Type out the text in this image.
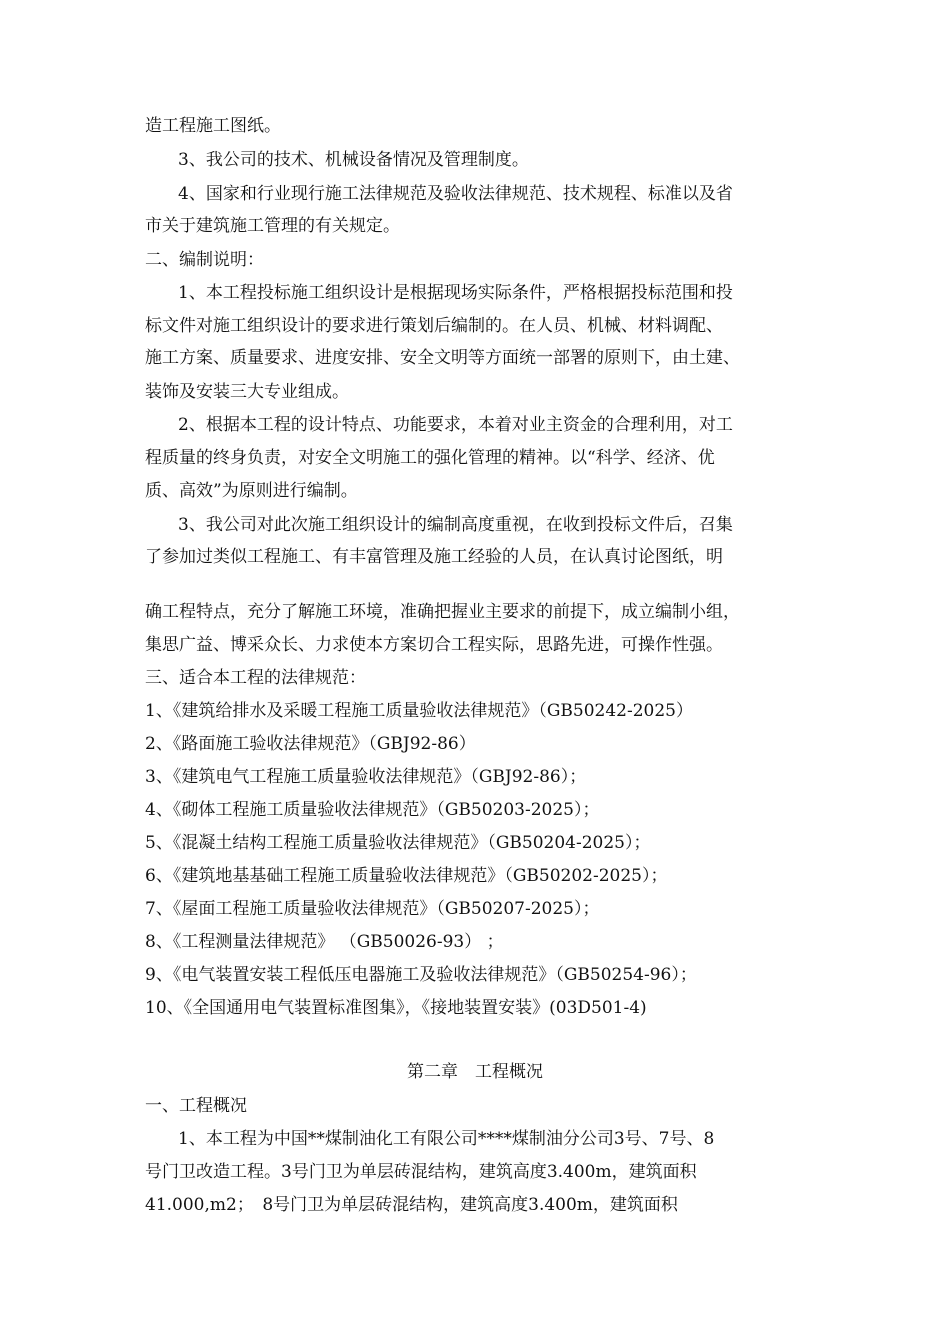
造工程施工图纸。

3、我公司的技术、机械设备情况及管理制度。

4、国家和行业现行施工法律规范及验收法律规范、技术规程、标准以及省

市关于建筑施工管理的有关规定。

二、编制说明：

1、本工程投标施工组织设计是根据现场实际条件，严格根据投标范围和投

标文件对施工组织设计的要求进行策划后编制的。在人员、机械、材料调配、

施工方案、质量要求、进度安排、安全文明等方面统一部署的原则下，由土建、

装饰及安装三大专业组成。

2、根据本工程的设计特点、功能要求，本着对业主资金的合理利用，对工

程质量的终身负责，对安全文明施工的强化管理的精神。以“科学、经济、优

质、高效”为原则进行编制。

3、我公司对此次施工组织设计的编制高度重视，在收到投标文件后，召集

了参加过类似工程施工、有丰富管理及施工经验的人员，在认真讨论图纸，明

确工程特点，充分了解施工环境，准确把握业主要求的前提下，成立编制小组，

集思广益、博采众长、力求使本方案切合工程实际，思路先进，可操作性强。

三、适合本工程的法律规范：

1、《建筑给排水及采暖工程施工质量验收法律规范》（GB50242-2025）

2、《路面施工验收法律规范》（GBJ92-86）

3、《建筑电气工程施工质量验收法律规范》（GBJ92-86）；

4、《砌体工程施工质量验收法律规范》（GB50203-2025）；

5、《混凝土结构工程施工质量验收法律规范》（GB50204-2025）；

6、《建筑地基基础工程施工质量验收法律规范》（GB50202-2025）；

7、《屋面工程施工质量验收法律规范》（GB50207-2025）；

8、《工程测量法律规范》 （GB50026-93） ；

9、《电气装置安装工程低压电器施工及验收法律规范》（GB50254-96）；

10、《全国通用电气装置标准图集》，《接地装置安装》(03D501-4)

第二章　工程概况

一、工程概况

1、本工程为中国**煤制油化工有限公司****煤制油分公司3号、7号、8

号门卫改造工程。3号门卫为单层砖混结构，建筑高度3.400m，建筑面积

41.000,m2；　8号门卫为单层砖混结构，建筑高度3.400m，建筑面积
